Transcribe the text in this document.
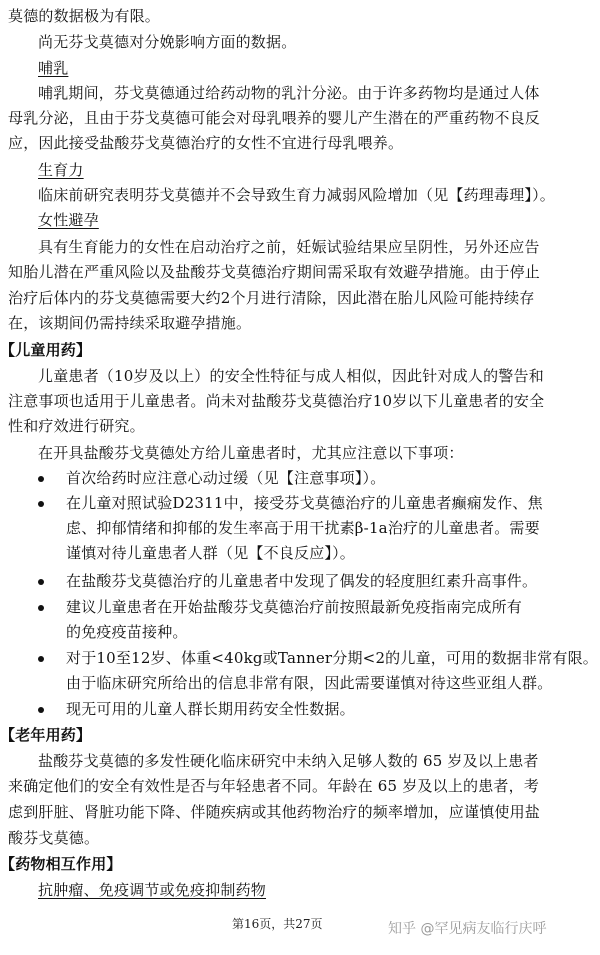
莫德的数据极为有限。
尚无芬戈莫德对分娩影响方面的数据。
哺乳
哺乳期间，芬戈莫德通过给药动物的乳汁分泌。由于许多药物均是通过人体
母乳分泌，且由于芬戈莫德可能会对母乳喂养的婴儿产生潜在的严重药物不良反
应，因此接受盐酸芬戈莫德治疗的女性不宜进行母乳喂养。
生育力
临床前研究表明芬戈莫德并不会导致生育力减弱风险增加（见【药理毒理】）。
女性避孕
具有生育能力的女性在启动治疗之前，妊娠试验结果应呈阴性，另外还应告
知胎儿潜在严重风险以及盐酸芬戈莫德治疗期间需采取有效避孕措施。由于停止
治疗后体内的芬戈莫德需要大约2个月进行清除，因此潜在胎儿风险可能持续存
在，该期间仍需持续采取避孕措施。
【儿童用药】
儿童患者（10岁及以上）的安全性特征与成人相似，因此针对成人的警告和
注意事项也适用于儿童患者。尚未对盐酸芬戈莫德治疗10岁以下儿童患者的安全
性和疗效进行研究。
在开具盐酸芬戈莫德处方给儿童患者时，尤其应注意以下事项：
首次给药时应注意心动过缓（见【注意事项】）。
在儿童对照试验D2311中，接受芬戈莫德治疗的儿童患者癫痫发作、焦
虑、抑郁情绪和抑郁的发生率高于用干扰素β-1a治疗的儿童患者。需要
谨慎对待儿童患者人群（见【不良反应】）。
在盐酸芬戈莫德治疗的儿童患者中发现了偶发的轻度胆红素升高事件。
建议儿童患者在开始盐酸芬戈莫德治疗前按照最新免疫指南完成所有
的免疫疫苗接种。
对于10至12岁、体重<40kg或Tanner分期<2的儿童，可用的数据非常有限。
由于临床研究所给出的信息非常有限，因此需要谨慎对待这些亚组人群。
现无可用的儿童人群长期用药安全性数据。
【老年用药】
盐酸芬戈莫德的多发性硬化临床研究中未纳入足够人数的 65 岁及以上患者
来确定他们的安全有效性是否与年轻患者不同。年龄在 65 岁及以上的患者，考
虑到肝脏、肾脏功能下降、伴随疾病或其他药物治疗的频率增加，应谨慎使用盐
酸芬戈莫德。
【药物相互作用】
抗肿瘤、免疫调节或免疫抑制药物
第16页，共27页	知乎 @罕见病友临行庆呼
